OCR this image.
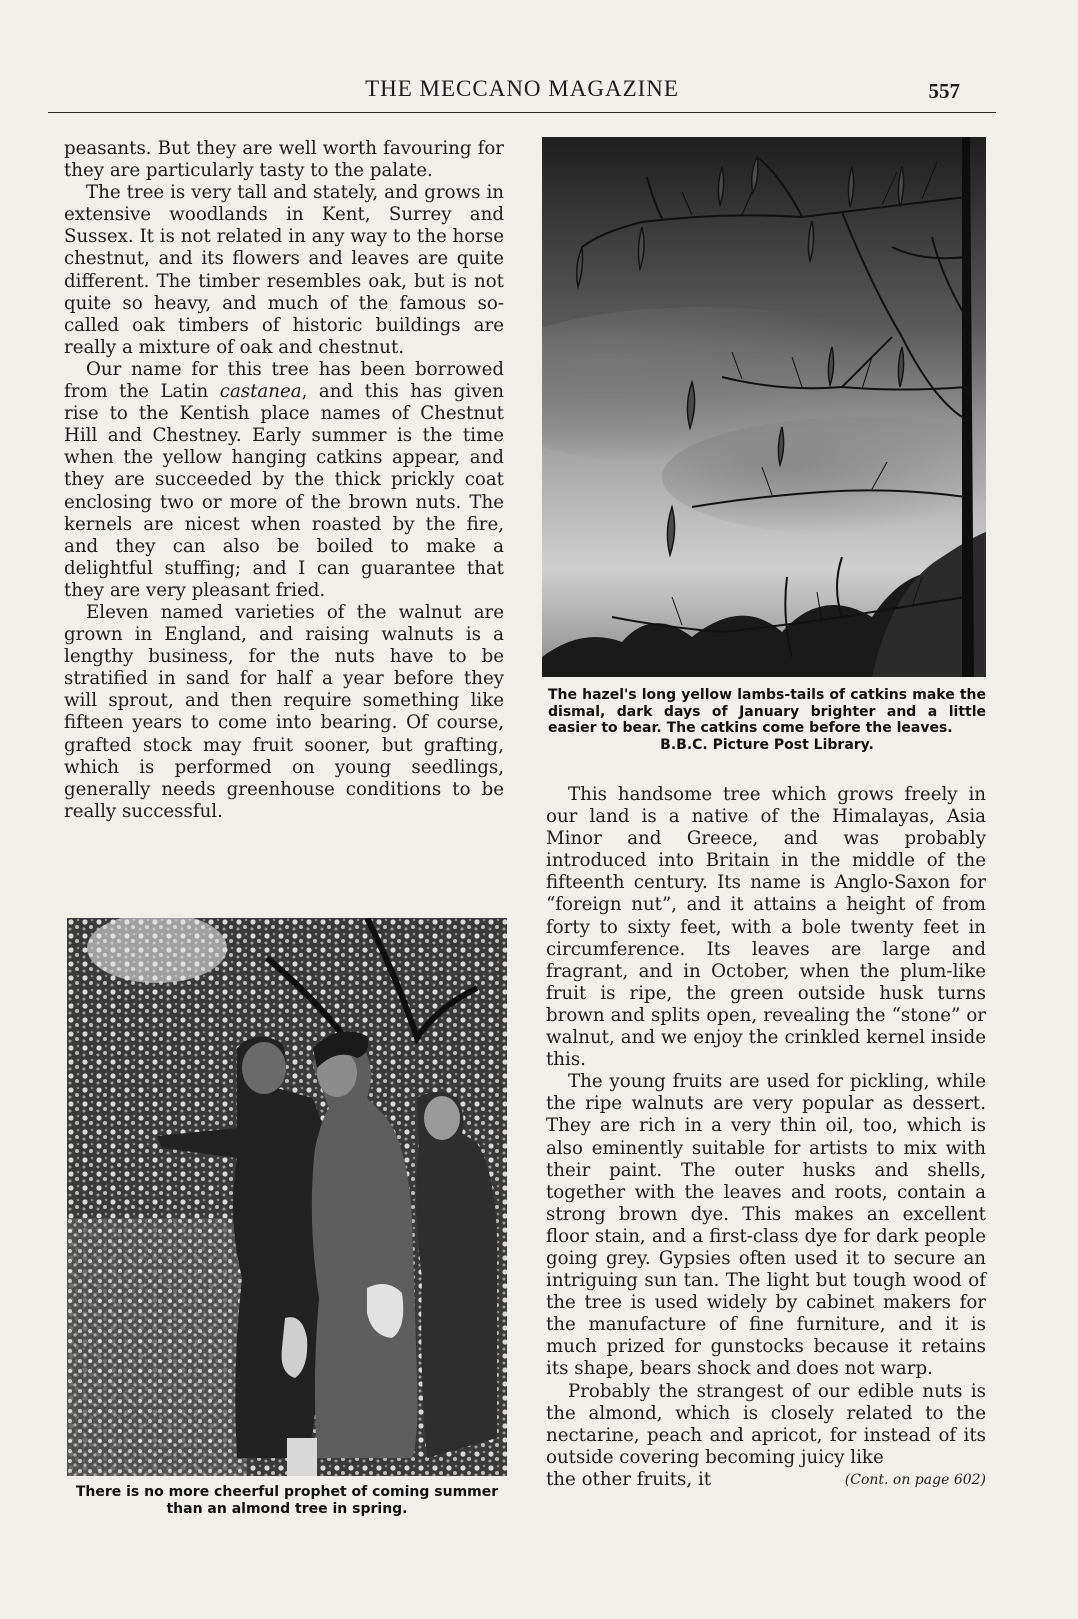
THE MECCANO MAGAZINE	557

peasants. But they are well worth favouring for they are particularly tasty to the palate.

The tree is very tall and stately, and grows in extensive woodlands in Kent, Surrey and Sussex. It is not related in any way to the horse chestnut, and its flowers and leaves are quite different. The timber resembles oak, but is not quite so heavy, and much of the famous so-called oak timbers of historic buildings are really a mixture of oak and chestnut.

Our name for this tree has been borrowed from the Latin castanea, and this has given rise to the Kentish place names of Chestnut Hill and Chestney. Early summer is the time when the yellow hanging catkins appear, and they are succeeded by the thick prickly coat enclosing two or more of the brown nuts. The kernels are nicest when roasted by the fire, and they can also be boiled to make a delightful stuffing; and I can guarantee that they are very pleasant fried.

Eleven named varieties of the walnut are grown in England, and raising walnuts is a lengthy business, for the nuts have to be stratified in sand for half a year before they will sprout, and then require something like fifteen years to come into bearing. Of course, grafted stock may fruit sooner, but grafting, which is performed on young seedlings, generally needs greenhouse conditions to be really successful.

The hazel's long yellow lambs-tails of catkins make the dismal, dark days of January brighter and a little easier to bear. The catkins come before the leaves.
B.B.C. Picture Post Library.

This handsome tree which grows freely in our land is a native of the Himalayas, Asia Minor and Greece, and was probably introduced into Britain in the middle of the fifteenth century. Its name is Anglo-Saxon for “foreign nut”, and it attains a height of from forty to sixty feet, with a bole twenty feet in circumference. Its leaves are large and fragrant, and in October, when the plum-like fruit is ripe, the green outside husk turns brown and splits open, revealing the “stone” or walnut, and we enjoy the crinkled kernel inside this.

The young fruits are used for pickling, while the ripe walnuts are very popular as dessert. They are rich in a very thin oil, too, which is also eminently suitable for artists to mix with their paint. The outer husks and shells, together with the leaves and roots, contain a strong brown dye. This makes an excellent floor stain, and a first-class dye for dark people going grey. Gypsies often used it to secure an intriguing sun tan. The light but tough wood of the tree is used widely by cabinet makers for the manufacture of fine furniture, and it is much prized for gunstocks because it retains its shape, bears shock and does not warp.

Probably the strangest of our edible nuts is the almond, which is closely related to the nectarine, peach and apricot, for instead of its outside covering becoming juicy like

the other fruits, it	(Cont. on page 602)
There is no more cheerful prophet of coming summer than an almond tree in spring.
